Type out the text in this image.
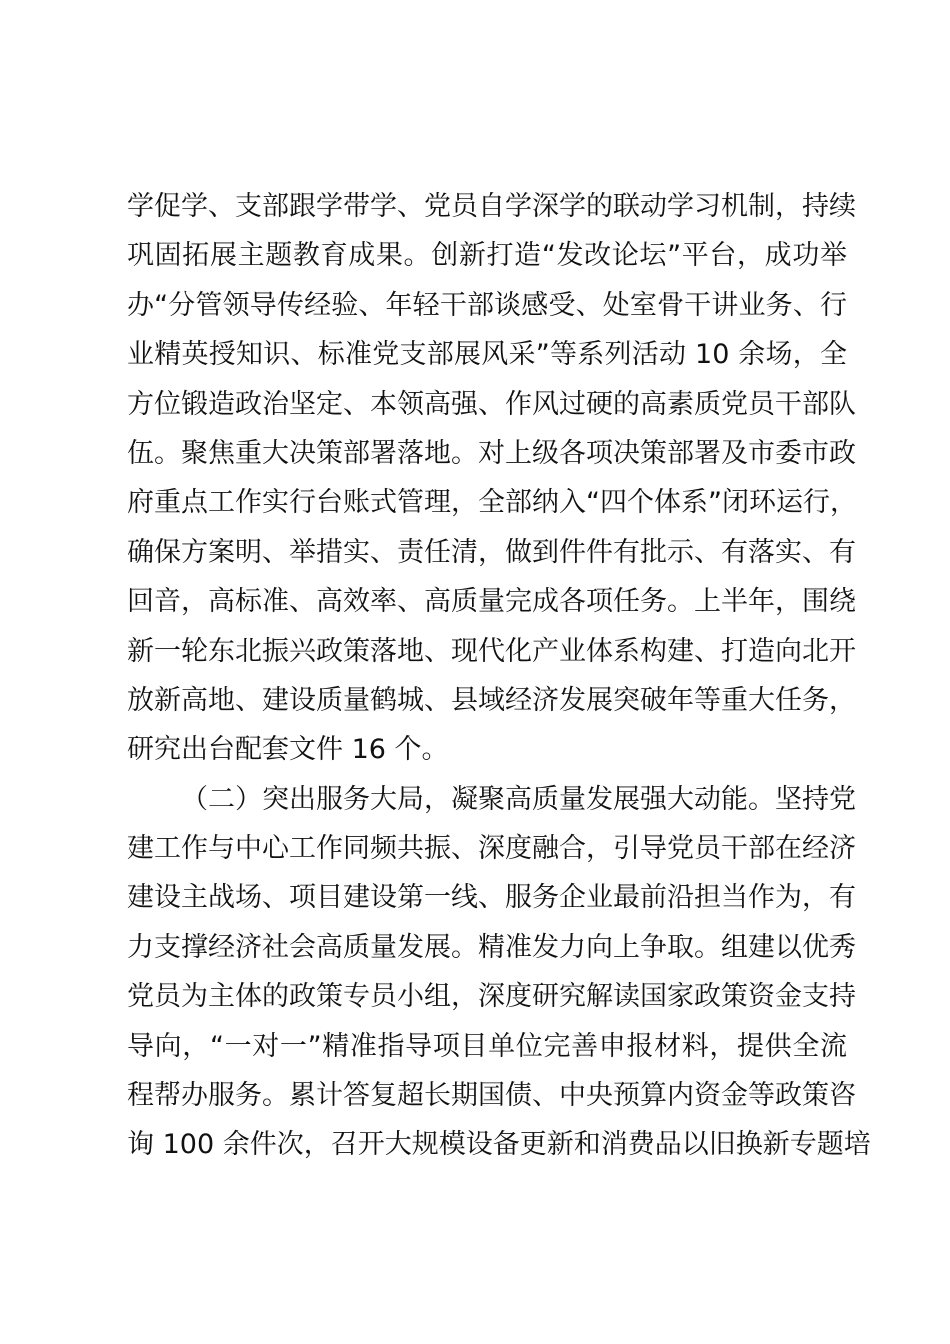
学促学、支部跟学带学、党员自学深学的联动学习机制，持续
巩固拓展主题教育成果。创新打造“发改论坛”平台，成功举
办“分管领导传经验、年轻干部谈感受、处室骨干讲业务、行
业精英授知识、标准党支部展风采”等系列活动 10 余场，全
方位锻造政治坚定、本领高强、作风过硬的高素质党员干部队
伍。聚焦重大决策部署落地。对上级各项决策部署及市委市政
府重点工作实行台账式管理，全部纳入“四个体系”闭环运行，
确保方案明、举措实、责任清，做到件件有批示、有落实、有
回音，高标准、高效率、高质量完成各项任务。上半年，围绕
新一轮东北振兴政策落地、现代化产业体系构建、打造向北开
放新高地、建设质量鹤城、县域经济发展突破年等重大任务，
研究出台配套文件 16 个。
（二）突出服务大局，凝聚高质量发展强大动能。坚持党
建工作与中心工作同频共振、深度融合，引导党员干部在经济
建设主战场、项目建设第一线、服务企业最前沿担当作为，有
力支撑经济社会高质量发展。精准发力向上争取。组建以优秀
党员为主体的政策专员小组，深度研究解读国家政策资金支持
导向，“一对一”精准指导项目单位完善申报材料，提供全流
程帮办服务。累计答复超长期国债、中央预算内资金等政策咨
询 100 余件次，召开大规模设备更新和消费品以旧换新专题培
